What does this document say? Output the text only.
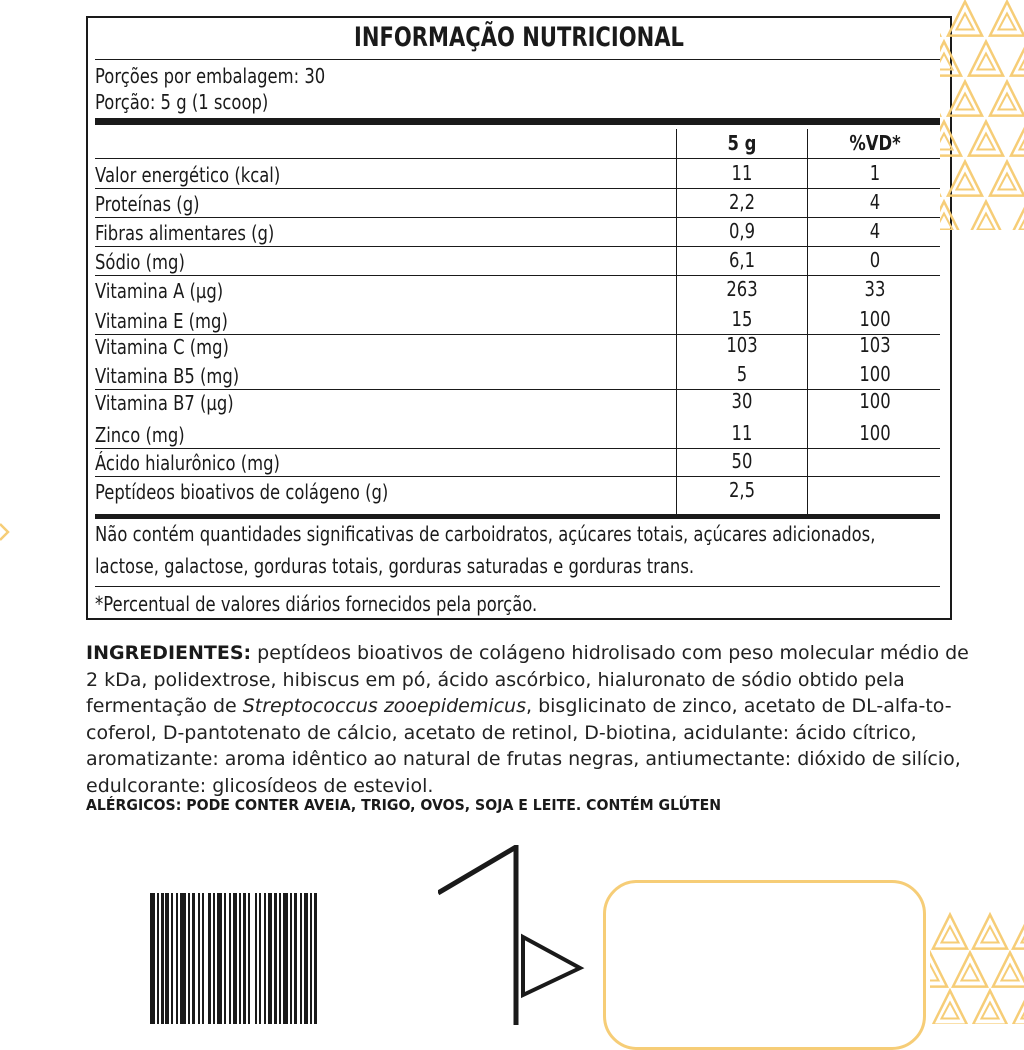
INFORMAÇÃO NUTRICIONAL
Porções por embalagem: 30
Porção: 5 g (1 scoop)
5 g	%VD*
Valor energético (kcal)	11	1
Proteínas (g)	2,2	4
Fibras alimentares (g)	0,9	4
Sódio (mg)	6,1	0
Vitamina A (µg)	263	33
Vitamina E (mg)	15	100
Vitamina C (mg)	103	103
Vitamina B5 (mg)	5	100
Vitamina B7 (µg)	30	100
Zinco (mg)	11	100
Ácido hialurônico (mg)	50
Peptídeos bioativos de colágeno (g)	2,5
Não contém quantidades significativas de carboidratos, açúcares totais, açúcares adicionados,
lactose, galactose, gorduras totais, gorduras saturadas e gorduras trans.
*Percentual de valores diários fornecidos pela porção.
INGREDIENTES: peptídeos bioativos de colágeno hidrolisado com peso molecular médio de 2 kDa, polidextrose, hibiscus em pó, ácido ascórbico, hialuronato de sódio obtido pela fermentação de Streptococcus zooepidemicus, bisglicinato de zinco, acetato de DL-alfa-to-coferol, D-pantotenato de cálcio, acetato de retinol, D-biotina, acidulante: ácido cítrico, aromatizante: aroma idêntico ao natural de frutas negras, antiumectante: dióxido de silício, edulcorante: glicosídeos de esteviol.
ALÉRGICOS: PODE CONTER AVEIA, TRIGO, OVOS, SOJA E LEITE. CONTÉM GLÚTEN
